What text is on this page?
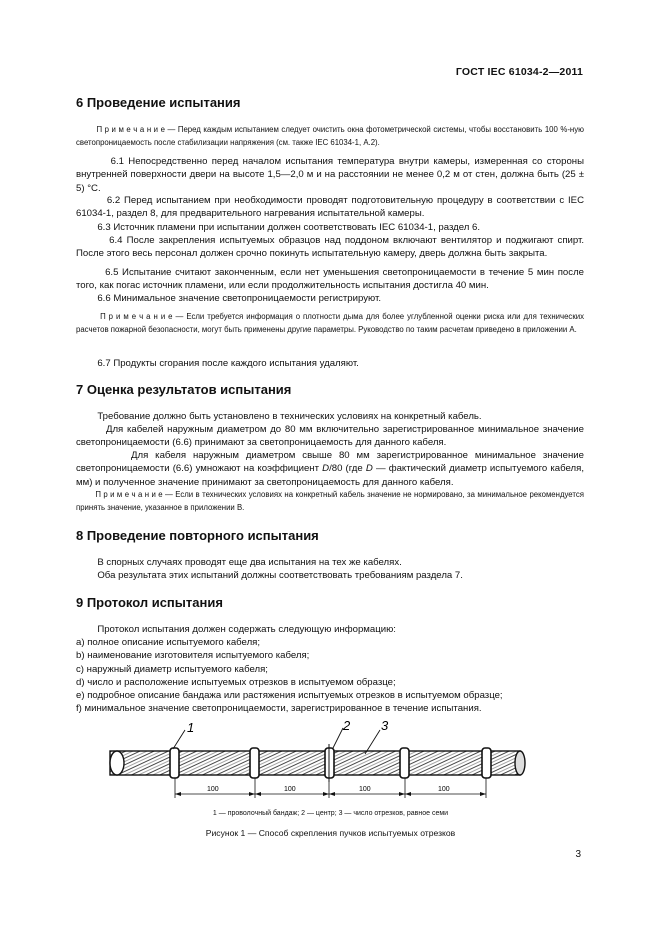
ГОСТ IEC 61034-2—2011
6 Проведение испытания
П р и м е ч а н и е — Перед каждым испытанием следует очистить окна фотометрической системы, чтобы восстановить 100 %-ную светопроницаемость после стабилизации напряжения (см. также IEC 61034-1, А.2).
6.1 Непосредственно перед началом испытания температура внутри камеры, измеренная со стороны внутренней поверхности двери на высоте 1,5—2,0 м и на расстоянии не менее 0,2 м от стен, должна быть (25 ± 5) °С.
6.2 Перед испытанием при необходимости проводят подготовительную процедуру в соответствии с IEC 61034-1, раздел 8, для предварительного нагревания испытательной камеры.
6.3 Источник пламени при испытании должен соответствовать IEC 61034-1, раздел 6.
6.4 После закрепления испытуемых образцов над поддоном включают вентилятор и поджигают спирт. После этого весь персонал должен срочно покинуть испытательную камеру, дверь должна быть закрыта.
6.5 Испытание считают законченным, если нет уменьшения светопроницаемости в течение 5 мин после того, как погас источник пламени, или если продолжительность испытания достигла 40 мин.
6.6 Минимальное значение светопроницаемости регистрируют.
П р и м е ч а н и е — Если требуется информация о плотности дыма для более углубленной оценки риска или для технических расчетов пожарной безопасности, могут быть применены другие параметры. Руководство по таким расчетам приведено в приложении А.
6.7 Продукты сгорания после каждого испытания удаляют.
7 Оценка результатов испытания
Требование должно быть установлено в технических условиях на конкретный кабель.
Для кабелей наружным диаметром до 80 мм включительно зарегистрированное минимальное значение светопроницаемости (6.6) принимают за светопроницаемость для данного кабеля.
Для кабеля наружным диаметром свыше 80 мм зарегистрированное минимальное значение светопроницаемости (6.6) умножают на коэффициент D/80 (где D — фактический диаметр испытуемого кабеля, мм) и полученное значение принимают за светопроницаемость для данного кабеля.
П р и м е ч а н и е — Если в технических условиях на конкретный кабель значение не нормировано, за минимальное рекомендуется принять значение, указанное в приложении В.
8 Проведение повторного испытания
В спорных случаях проводят еще два испытания на тех же кабелях.
Оба результата этих испытаний должны соответствовать требованиям раздела 7.
9 Протокол испытания
Протокол испытания должен содержать следующую информацию:
a) полное описание испытуемого кабеля;
b) наименование изготовителя испытуемого кабеля;
c) наружный диаметр испытуемого кабеля;
d) число и расположение испытуемых отрезков в испытуемом образце;
e) подробное описание бандажа или растяжения испытуемых отрезков в испытуемом образце;
f) минимальное значение светопроницаемости, зарегистрированное в течение испытания.
1	2 3
100	100	100	100
1 — проволочный бандаж; 2 — центр; 3 — число отрезков, равное семи
Рисунок 1 — Способ скрепления пучков испытуемых отрезков
3
